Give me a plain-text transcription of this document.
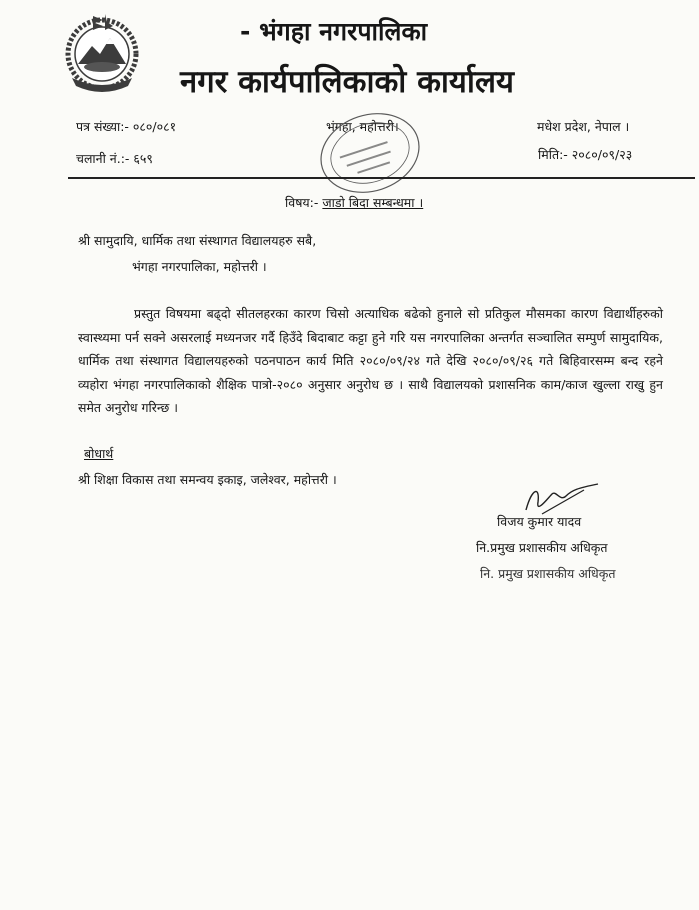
- भंगहा नगरपालिका
नगर कार्यपालिकाको कार्यालय
पत्र संख्या:- ०८०/०८१
चलानी नं.:- ६५९
मधेश प्रदेश, नेपाल ।
मिति:- २०८०/०९/२३
भंगहा, महोत्तरी।
विषय:- जाडो बिदा सम्बन्धमा ।
श्री सामुदायि, धार्मिक तथा संस्थागत विद्यालयहरु सबै,
भंगहा नगरपालिका, महोत्तरी ।

प्रस्तुत विषयमा बढ्दो सीतलहरका कारण चिसो अत्याधिक बढेको हुनाले सो प्रतिकुल मौसमका कारण विद्यार्थीहरुको स्वास्थ्यमा पर्न सक्ने असरलाई मध्यनजर गर्दै हिउँदे बिदाबाट कट्टा हुने गरि यस नगरपालिका अन्तर्गत सञ्चालित सम्पुर्ण सामुदायिक, धार्मिक तथा संस्थागत विद्यालयहरुको पठनपाठन कार्य मिति २०८०/०९/२४ गते देखि २०८०/०९/२६ गते बिहिवारसम्म बन्द रहने व्यहोरा भंगहा नगरपालिकाको शैक्षिक पात्रो-२०८० अनुसार अनुरोध छ । साथै विद्यालयको प्रशासनिक काम/काज खुल्ला राखु हुन समेत अनुरोध गरिन्छ ।

बोधार्थ
श्री शिक्षा विकास तथा समन्वय इकाइ, जलेश्वर, महोत्तरी ।
विजय कुमार यादव
नि.प्रमुख प्रशासकीय अधिकृत
नि. प्रमुख प्रशासकीय अधिकृत
